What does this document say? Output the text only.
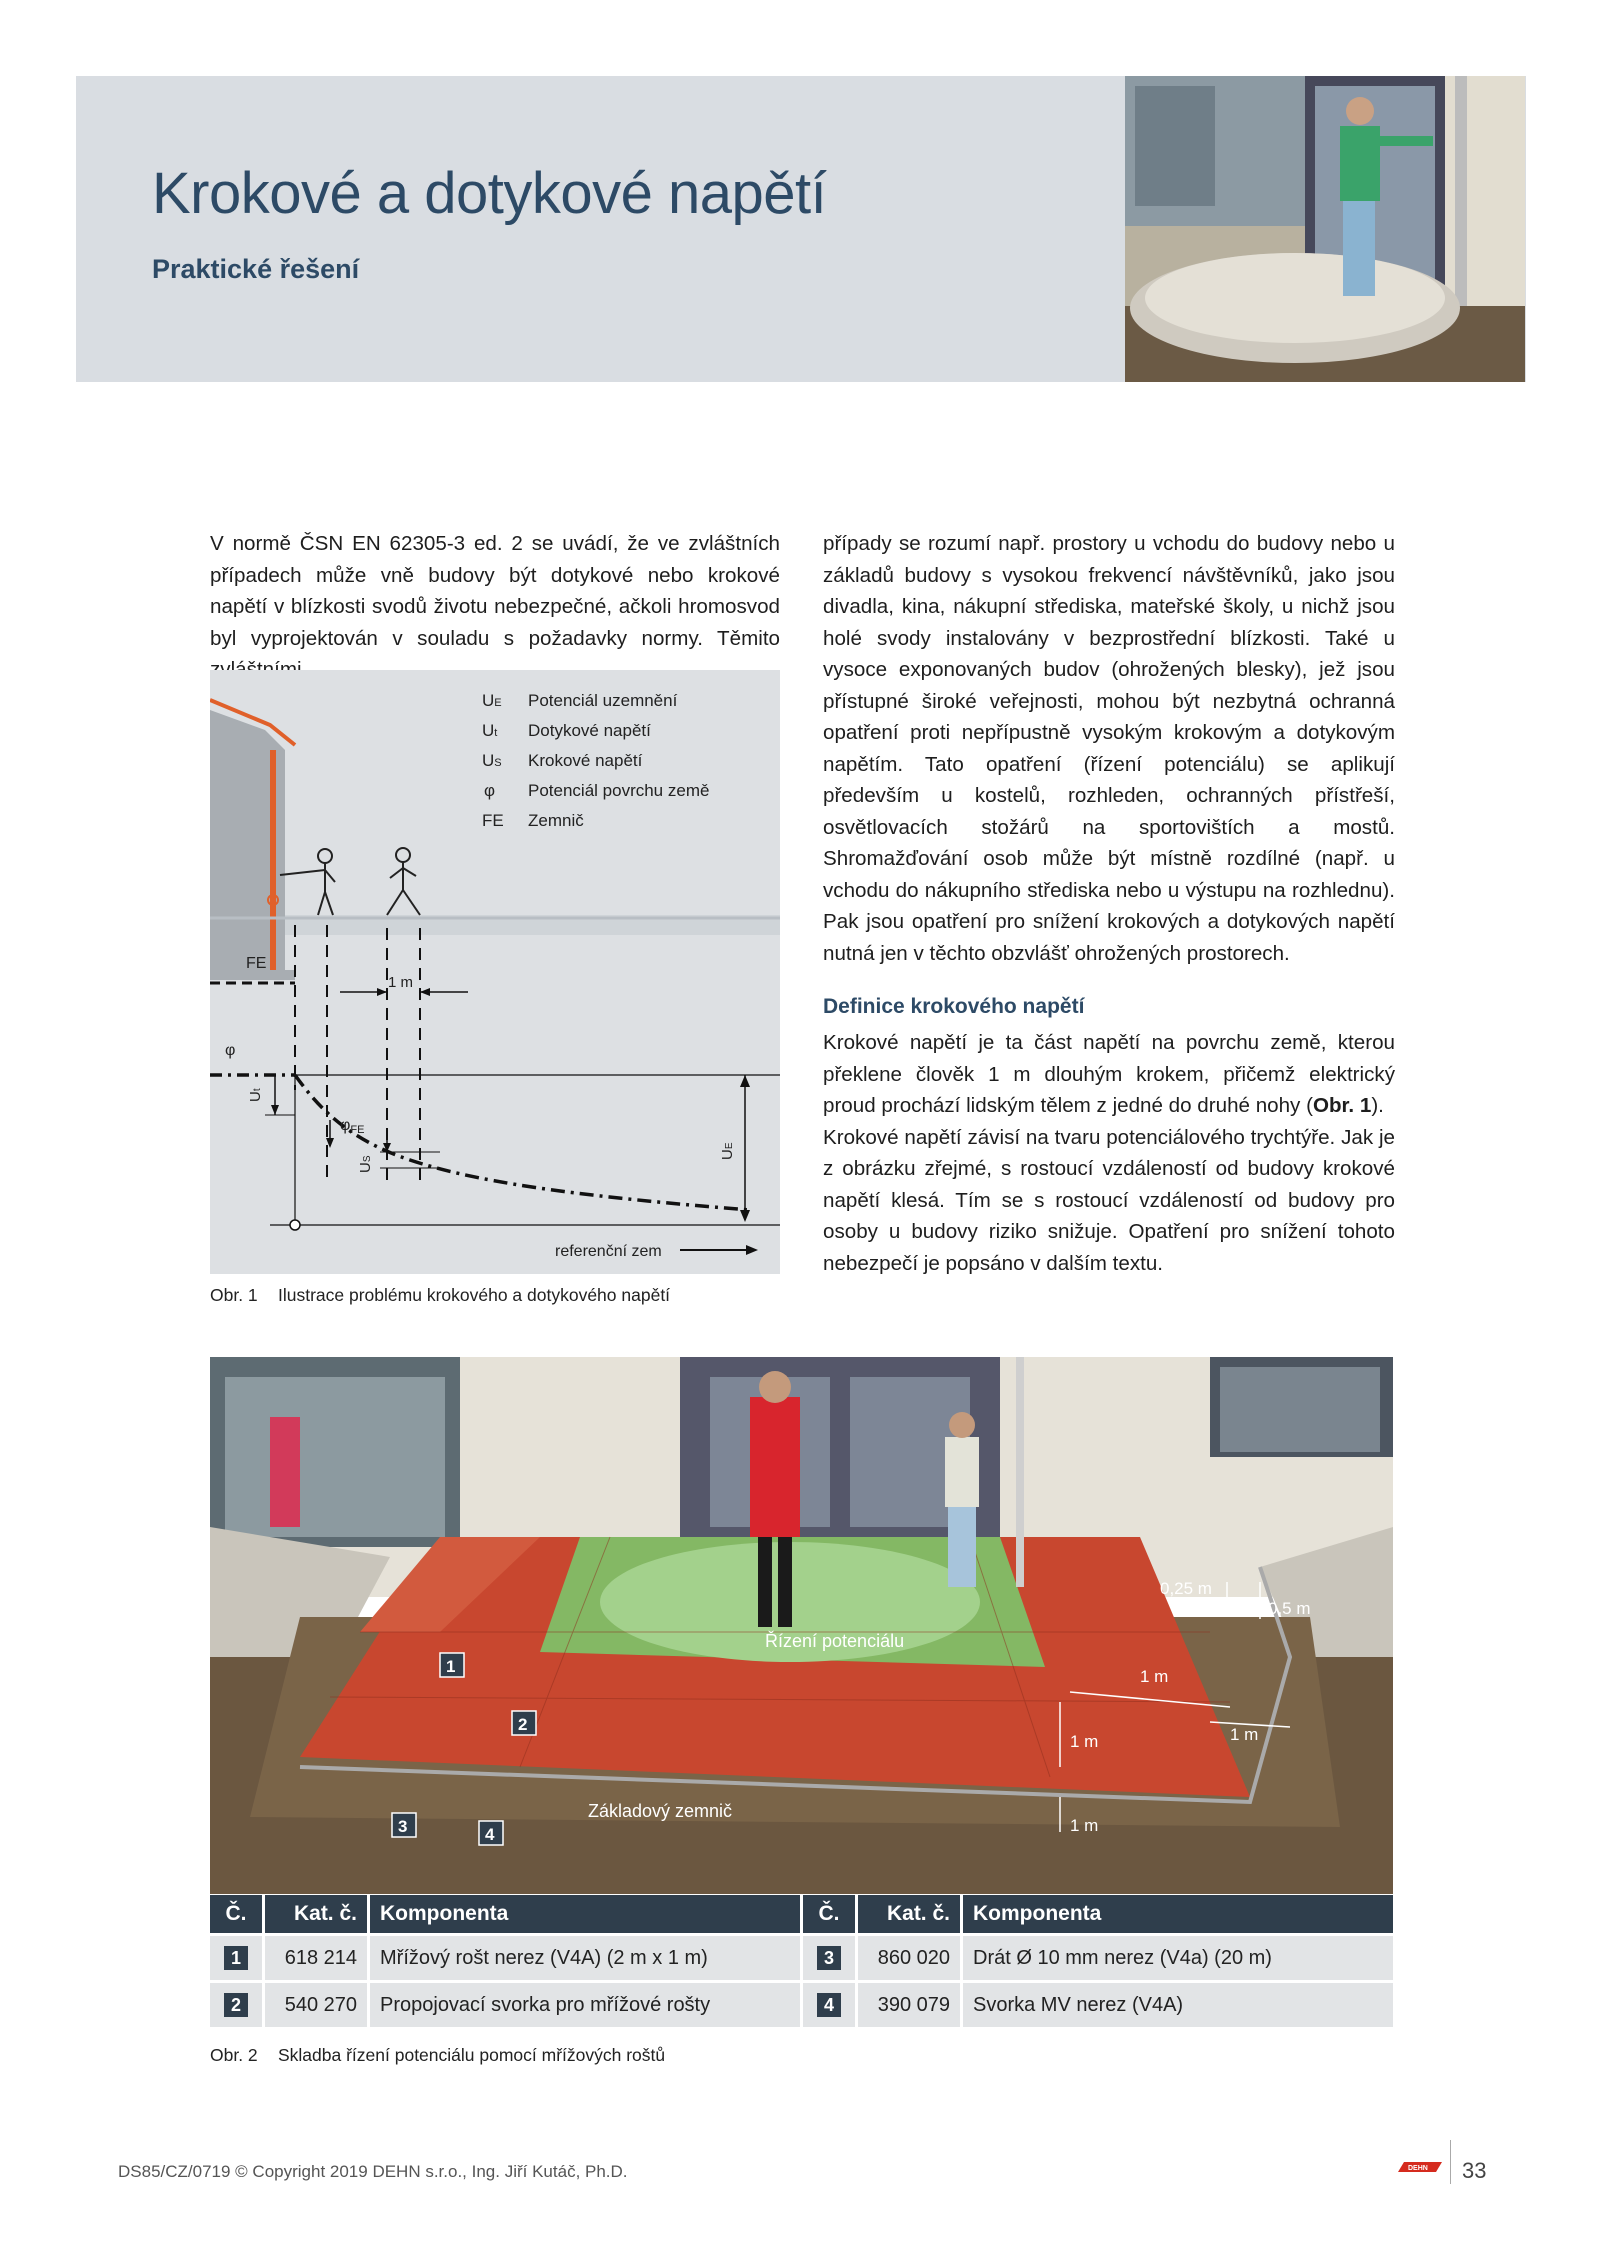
Krokové a dotykové napětí
Praktické řešení
V normě ČSN EN 62305-3 ed. 2 se uvádí, že ve zvláštních případech může vně budovy být dotykové nebo krokové napětí v blízkosti svodů životu nebezpečné, ačkoli hromosvod byl vyprojektován v souladu s požadavky normy. Těmito
FE
1 m
φ
Ut
φFE
US	UE
referenční zem
UE Potenciál uzemnění
Ut Dotykové napětí
US Krokové napětí
φ Potenciál povrchu země
FE Zemnič
Obr. 1 Ilustrace problému krokového a dotykového napětí
případy se rozumí např. prostory u vchodu do budovy nebo u základů budovy s vysokou frekvencí návštěvníků, jako jsou divadla, kina, nákupní střediska, mateřské školy, u nichž jsou holé svody instalovány v bezprostřední blízkosti. Také u vysoce exponovaných budov (ohrožených blesky), jež jsou přístupné široké veřejnosti, mohou být nezbytná ochranná opatření proti nepřípustně vysokým krokovým a dotykovým napětím. Tato opatření (řízení potenciálu) se aplikují především u kostelů, rozhleden, ochranných přístřeší, osvětlovacích stožárů na sportovištích a mostů. Shromažďování osob může být místně rozdílné (např. u vchodu do nákupního střediska nebo u výstupu na rozhlednu). Pak jsou opatření pro snížení krokových a dotykových napětí nutná jen v těchto obzvlášť ohrožených prostorech.
Definice krokového napětí
Krokové napětí je ta část napětí na povrchu země, kterou překlene člověk 1 m dlouhým krokem, přičemž elektrický proud prochází lidským tělem z jedné do druhé nohy (Obr. 1).
Krokové napětí závisí na tvaru potenciálového trychtýře. Jak je z obrázku zřejmé, s rostoucí vzdáleností od budovy krokové napětí klesá. Tím se s rostoucí vzdáleností od budovy pro osoby u budovy riziko snižuje. Opatření pro snížení tohoto nebezpečí je popsáno v dalším textu.
Řízení potenciálu
Základový zemnič
0,25 m
0,5 m
1 m
1 m	1 m
1 m
1
2
3	4
Č.	Kat. č.	Komponenta	Č.	Kat. č.	Komponenta
1	618 214	Mřížový rošt nerez (V4A) (2 m x 1 m)	3	860 020	Drát Ø 10 mm nerez (V4a) (20 m)
2	540 270	Propojovací svorka pro mřížové rošty	4	390 079	Svorka MV nerez (V4A)
Obr. 2 Skladba řízení potenciálu pomocí mřížových roštů
DS85/CZ/0719 © Copyright 2019 DEHN s.r.o., Ing. Jiří Kutáč, Ph.D.	DEHN 33
